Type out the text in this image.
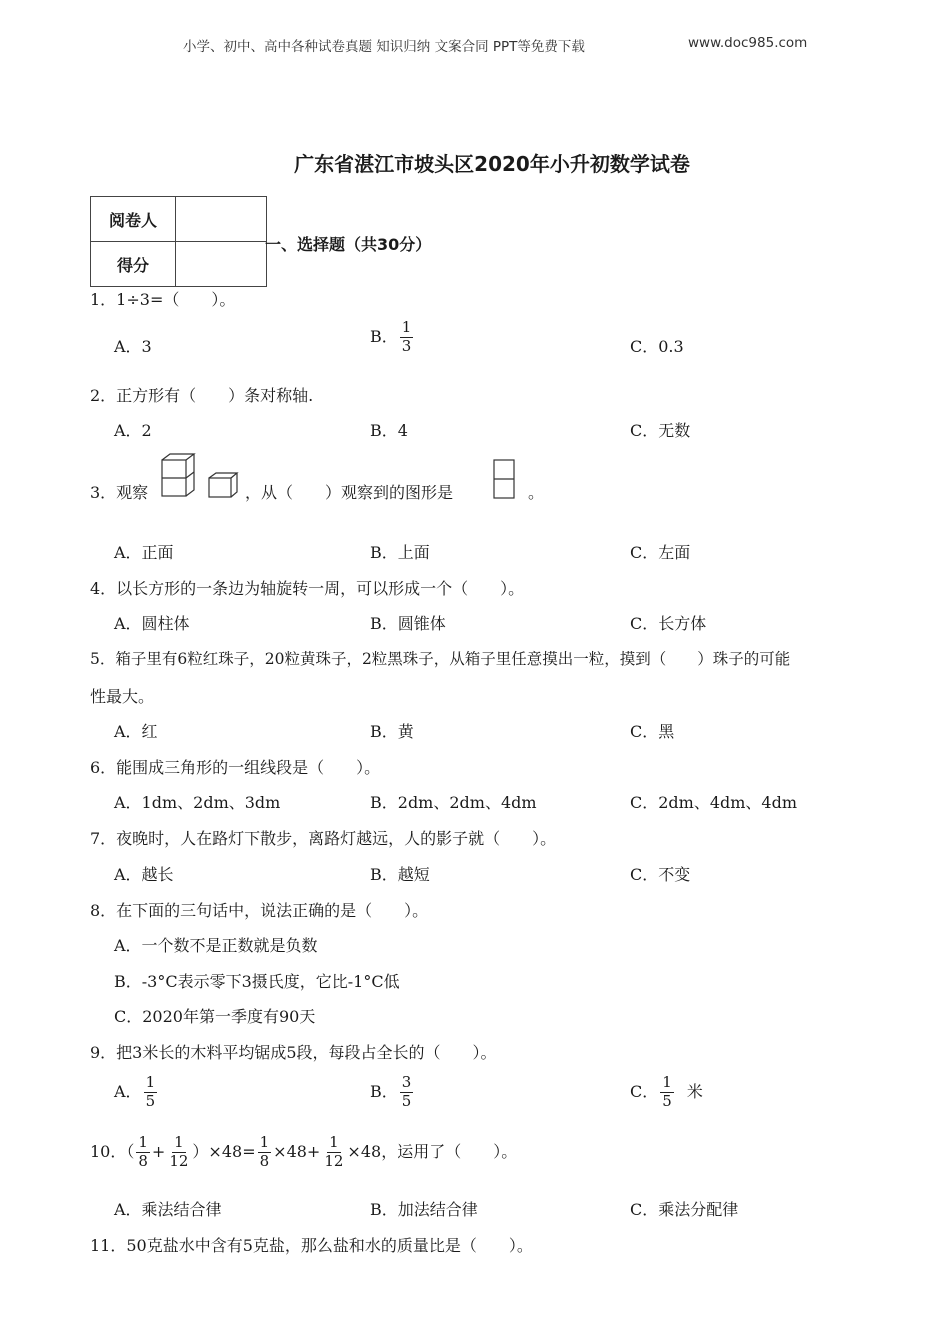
小学、初中、高中各种试卷真题 知识归纳 文案合同 PPT等免费下载	www.doc985.com
广东省湛江市坡头区2020年小升初数学试卷
阅卷人	
得分	
一、选择题（共30分）
1．1÷3=（　　）。
A．3
B． $\frac{1}{3}$	C．0.3
2．正方形有（　　）条对称轴.
A．2	B．4	C．无数
3．观察	，从（　　）观察到的图形是	。
A．正面	B．上面	C．左面
4．以长方形的一条边为轴旋转一周，可以形成一个（　　）。
A．圆柱体	B．圆锥体	C．长方体
5．箱子里有6粒红珠子，20粒黄珠子，2粒黑珠子，从箱子里任意摸出一粒，摸到（　　）珠子的可能
性最大。
A．红	B．黄	C．黑
6．能围成三角形的一组线段是（　　）。
A．1dm、2dm、3dm	B．2dm、2dm、4dm	C．2dm、4dm、4dm
7．夜晚时，人在路灯下散步，离路灯越远，人的影子就（　　）。
A．越长	B．越短	C．不变
8．在下面的三句话中，说法正确的是（　　）。
A．一个数不是正数就是负数
B．-3°C表示零下3摄氏度，它比-1°C低
C．2020年第一季度有90天
9．把3米长的木料平均锯成5段，每段占全长的（　　）。
A． $\frac{1}{5}$	B． $\frac{3}{5}$	C． $\frac{1}{5}$ 米
10．（ $\frac{1}{8} + \frac{1}{12} )\times 48= \frac{1}{8} \times 48+ \frac{1}{12} \times 48$，运用了（　　）。
A．乘法结合律	B．加法结合律	C．乘法分配律
11．50克盐水中含有5克盐，那么盐和水的质量比是（　　）。
